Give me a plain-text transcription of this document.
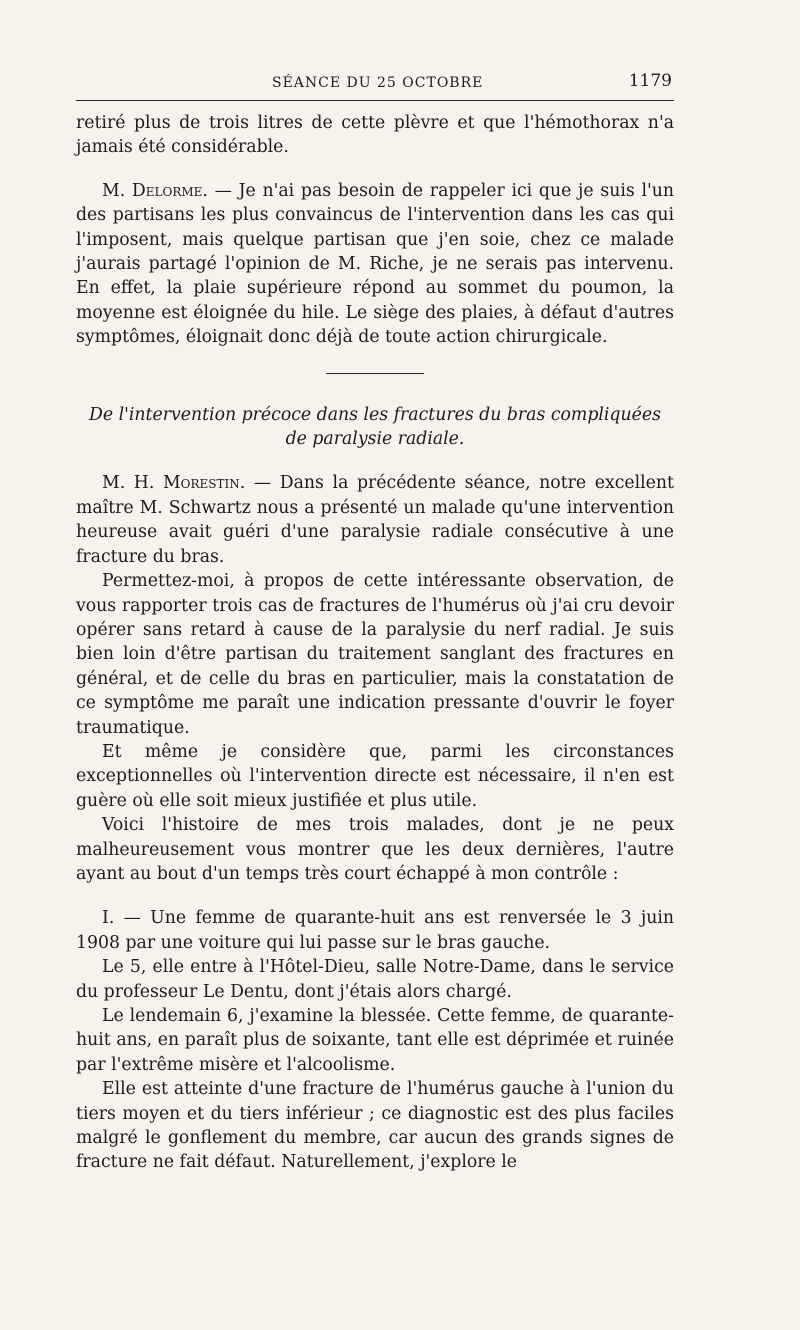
SÉANCE DU 25 OCTOBRE	1179

retiré plus de trois litres de cette plèvre et que l'hémothorax n'a jamais été considérable.

M. Delorme. — Je n'ai pas besoin de rappeler ici que je suis l'un des partisans les plus convaincus de l'intervention dans les cas qui l'imposent, mais quelque partisan que j'en soie, chez ce malade j'aurais partagé l'opinion de M. Riche, je ne serais pas intervenu. En effet, la plaie supérieure répond au sommet du poumon, la moyenne est éloignée du hile. Le siège des plaies, à défaut d'autres symptômes, éloignait donc déjà de toute action chirurgicale.

De l'intervention précoce dans les fractures du bras compliquées
de paralysie radiale.

M. H. Morestin. — Dans la précédente séance, notre excellent maître M. Schwartz nous a présenté un malade qu'une intervention heureuse avait guéri d'une paralysie radiale consécutive à une fracture du bras.

Permettez-moi, à propos de cette intéressante observation, de vous rapporter trois cas de fractures de l'humérus où j'ai cru devoir opérer sans retard à cause de la paralysie du nerf radial. Je suis bien loin d'être partisan du traitement sanglant des fractures en général, et de celle du bras en particulier, mais la constatation de ce symptôme me paraît une indication pressante d'ouvrir le foyer traumatique.

Et même je considère que, parmi les circonstances exceptionnelles où l'intervention directe est nécessaire, il n'en est guère où elle soit mieux justifiée et plus utile.

Voici l'histoire de mes trois malades, dont je ne peux malheureusement vous montrer que les deux dernières, l'autre ayant au bout d'un temps très court échappé à mon contrôle :

I. — Une femme de quarante-huit ans est renversée le 3 juin 1908 par une voiture qui lui passe sur le bras gauche.

Le 5, elle entre à l'Hôtel-Dieu, salle Notre-Dame, dans le service du professeur Le Dentu, dont j'étais alors chargé.

Le lendemain 6, j'examine la blessée. Cette femme, de quarante-huit ans, en paraît plus de soixante, tant elle est déprimée et ruinée par l'extrême misère et l'alcoolisme.

Elle est atteinte d'une fracture de l'humérus gauche à l'union du tiers moyen et du tiers inférieur ; ce diagnostic est des plus faciles malgré le gonflement du membre, car aucun des grands signes de fracture ne fait défaut. Naturellement, j'explore le
